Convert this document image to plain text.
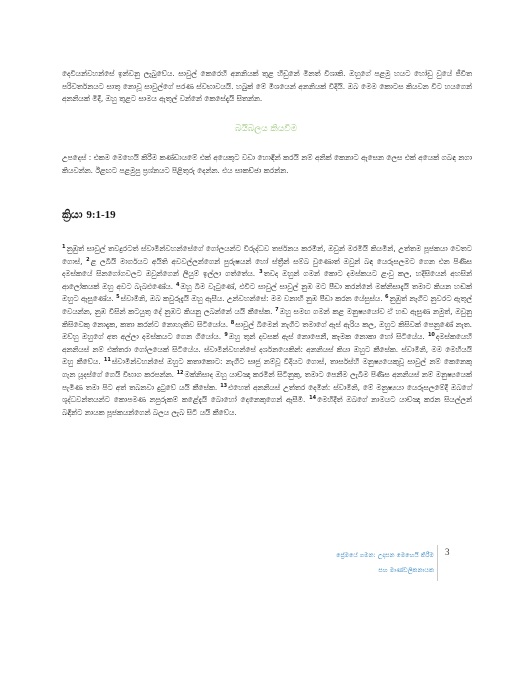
දෙවියන්වහන්සේ ඉන්වනු ලැබුවේය. සාවුල් කෙරෙහි අනනියක් තුළ හිඩුනේ මිනත් විශාකි. ඔහුගේ පළමු හයට හෝඩු වුයේ ජීවිත පරිවර්තනයට සාතු නොවූ සාවුල්ගේ පරණ ස්වභාවයයි. හබුක් මේ මිශයෙන් අනනියක් විදියි. ඔබ මෙම කොටස කියවන විට හයගෙන් අනනියක් මිදී, ඔහු තුළට සාමය ඇතුල් වන්නේ කෙසේදැයි සිතන්න.
බයිබලය කියවීම
උපදෙස් : එකම මෙහෙයි කිරීම කණ්ඩායමේ එක් අයෙකුට වඩා හොඳින් කරයි නම් අනික් කෙනාට ඇසෙන ලෙස එක් අයෙක් ගබඳ නගා කියවන්න. ඊළඟට පළමුපු ප්‍රශ්නයට පිළිතුරු දෙන්න. එය සාකච්ඡා කරන්න.
ක්‍රියා 9:1-19
$^1$නුඹුත් සාවුල් තවදුරටත් ස්වාමීන්වහන්සේගේ ගෝලයන්ට විරුද්ධව තර්ජනය කරමින්, ඔවුන් මරමියි කියමින්, උත්තම පූජකයා වෙතට ගොස්, $^2$ළ ලබීයි මාර්ගයට අයිති අවවල්ලන්ගෙන් පුරුෂයන් හෝ ස්ත්‍රීන් සම්බ වුණොත් ඔවුන් බඳ යෙරුසලමට ගෙන එන පිණිස දමස්කයේ සිනගෝගවලට ඔවුන්ගෙන් ලියුම් ඉල්ලා ගත්තේය. $^3$තවද ඔහුන් ගමන් කොට දමස්කයට ළංවු කල, හදිසියෙන් අහසින් ආලෝකයක් ඔහු අවට බැබළුණේය. $^4$ඔහු බිම වැටුණේ, එවිට සාවුල් සාවුල් නුඹ මට පීඩා කරන්නේ මක්නිසාදැයි තමාට කියන හඬක් ඔහුට ඇසුණේය. $^5$ස්වාමීනි, ඔබ කවුරුදැයි ඔහු ඇසීය. උන්වහන්සේ: මම වනාහි නුඹ පීඩා කරන යේසුස්ය. $^6$නුඹුත් නැගිට නුවරට ඇතුල් වෙයන්න, නුඹ විසින් කටයුතු දේ නුඹට කියනු ලබන්නේ යයි කීසේක. $^7$ඔහු සමඟ ගමන් කළ මනුෂ්‍යයෝව ඒ හඬ ඇසුණ නමුත්, ඔවුනු කිසිවෙකු නොදැක, කතා කරන්ට නොහැකිව සිටියෝය. $^8$සාවුල් බිමෙන් නැගිට තමාගේ ඇස් ඇරිය කල, ඔහුට කිසිවක් පෙනුණේ නැත. ඔව්හු ඔහුගේ අත අල්ලා දමස්කයට ගෙන ගියෝය. $^9$ඔහු තුන් දවසක් ඇස් නොපෙනී, කෑමක නොකා හෝ සිටියේය. $^{10}$දමස්කයෙහි අනනියස් නම් එක්තරා ගෝලයෙක් සිටියේය. ස්වාමීන්වහන්සේ දර්ශනයෙකින්: අනනියස් කියා ඔහුට කීසේක. ස්වාමීනි, මම මෙහියයි ඔහු කීවේය. $^{11}$ස්වාමීන්වහන්සේ ඔහුට කතාකොට: නැගිට සෘජු නම්වූ වීදියට ගොස්, තාර්සස්හි මනුෂ්‍යයෙකුවූ සාවුල් නම් කෙනෙකු ගැන යූදස්ගේ ගෙයි විභාග කරපන්න. $^{12}$මක්නිසාද ඔහු යාච්ඤා කරමින් සිටීනුකු, තමාට පෙනීම ලැබීම පිණිස අනනියස් නම් මනුෂ්‍යයෙක් පැමිණ තමා පිට අත් තබනවා දුටුවේ යයි කීසේක. $^{13}$එහෙත් අනනියස් උත්තර දෙමින්: ස්වාමීනි, මේ මනුෂ්‍යයා යෙරුසලමේදී ඔබගේ ශුද්ධවන්තයන්ට කොපමණ නපුරුකම් කළේදැයි බොහෝ දෙනෙකුගෙන් ඇසීමි. $^{14}$මෙහිදීත් ඔබගේ නාමයට යාච්ඤා කරන සියල්ලන් බඳින්ට නායක පූජකයන්ගෙන් බලය ලැබ සිටී යයි කීවේය.
ප්‍රේමයේ ගමන: උදාසන මෙහෙයි කිරීම
සහ මාණ්ඩලිකනායක
3
